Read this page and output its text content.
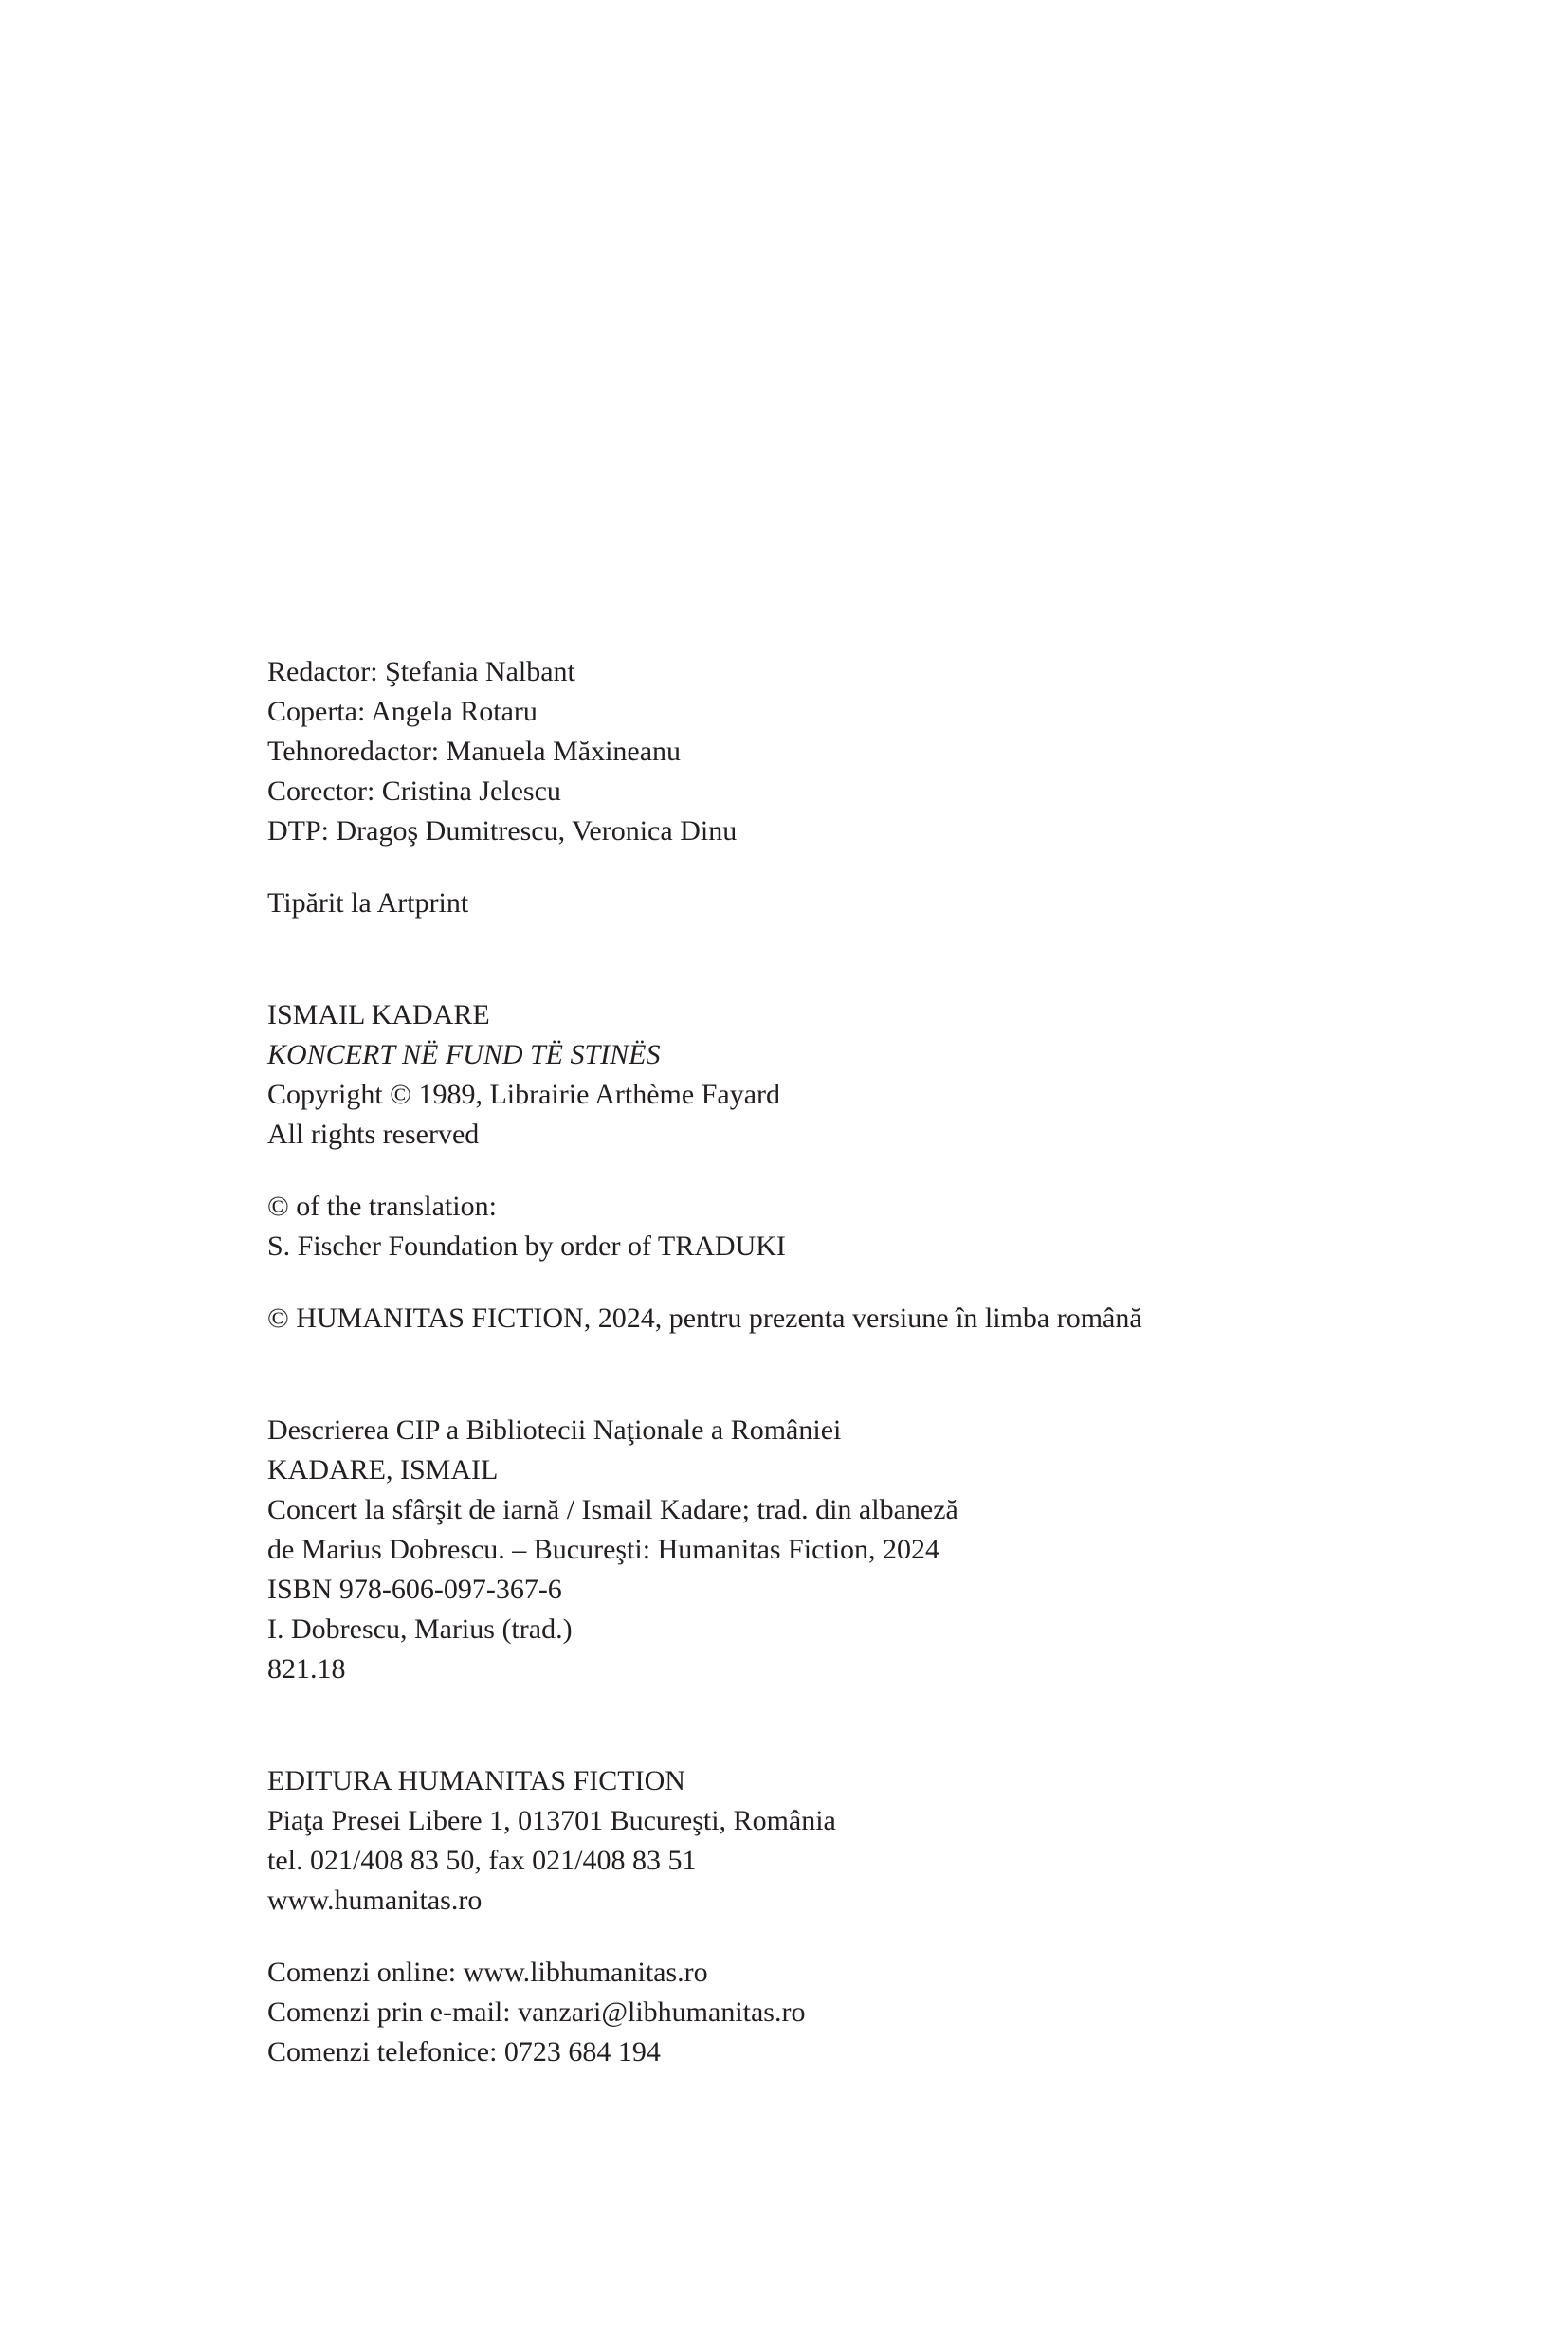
Redactor: Ştefania Nalbant
Coperta: Angela Rotaru
Tehnoredactor: Manuela Măxineanu
Corector: Cristina Jelescu
DTP: Dragoş Dumitrescu, Veronica Dinu
Tipărit la Artprint
ISMAIL KADARE
KONCERT NË FUND TË STINËS
Copyright © 1989, Librairie Arthème Fayard
All rights reserved
© of the translation:
S. Fischer Foundation by order of TRADUKI
© HUMANITAS FICTION, 2024, pentru prezenta versiune în limba română
Descrierea CIP a Bibliotecii Naţionale a României
KADARE, ISMAIL
Concert la sfârşit de iarnă / Ismail Kadare; trad. din albaneză
de Marius Dobrescu. – Bucureşti: Humanitas Fiction, 2024
ISBN 978-606-097-367-6
I. Dobrescu, Marius (trad.)
821.18
EDITURA HUMANITAS FICTION
Piaţa Presei Libere 1, 013701 Bucureşti, România
tel. 021/408 83 50, fax 021/408 83 51
www.humanitas.ro
Comenzi online: www.libhumanitas.ro
Comenzi prin e-mail: vanzari@libhumanitas.ro
Comenzi telefonice: 0723 684 194
